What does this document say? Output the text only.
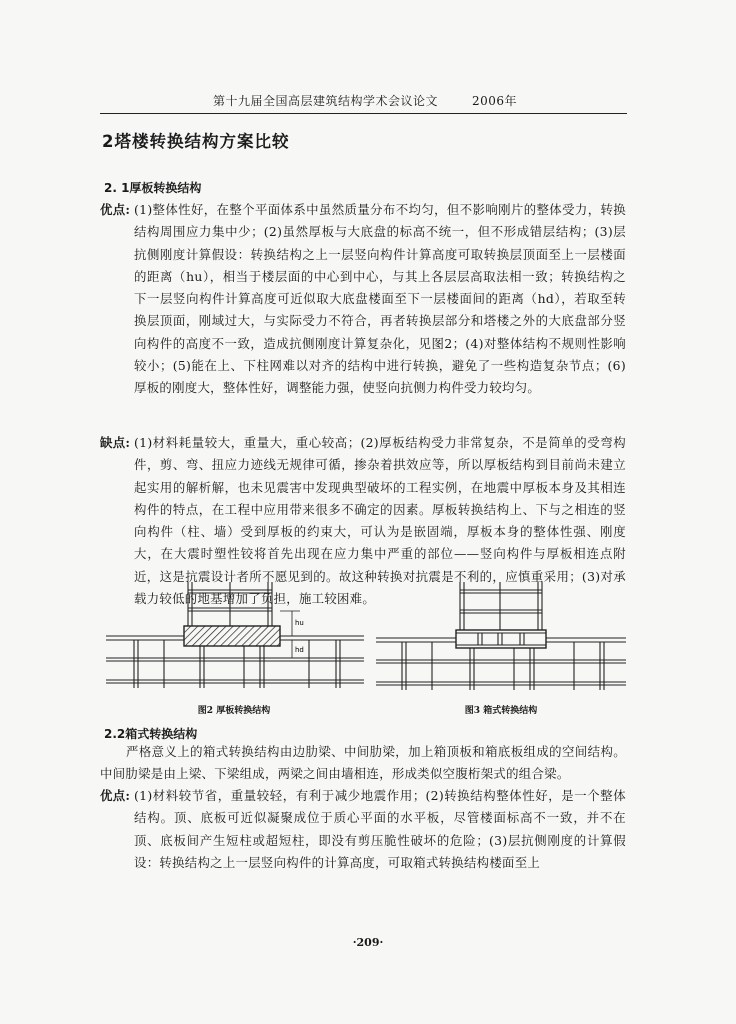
第十九届全国高层建筑结构学术会议论文	2006年
2塔楼转换结构方案比较
2. 1厚板转换结构
优点: (1)整体性好，在整个平面体系中虽然质量分布不均匀，但不影响刚片的整体受力，转换结构周围应力集中少；(2)虽然厚板与大底盘的标高不统一，但不形成错层结构；(3)层抗侧刚度计算假设：转换结构之上一层竖向构件计算高度可取转换层顶面至上一层楼面的距离（hu），相当于楼层面的中心到中心，与其上各层层高取法相一致；转换结构之下一层竖向构件计算高度可近似取大底盘楼面至下一层楼面间的距离（hd），若取至转换层顶面，刚域过大，与实际受力不符合，再者转换层部分和塔楼之外的大底盘部分竖向构件的高度不一致，造成抗侧刚度计算复杂化，见图2；(4)对整体结构不规则性影响较小；(5)能在上、下柱网难以对齐的结构中进行转换，避免了一些构造复杂节点；(6)厚板的刚度大，整体性好，调整能力强，使竖向抗侧力构件受力较均匀。
缺点: (1)材料耗量较大，重量大，重心较高；(2)厚板结构受力非常复杂，不是简单的受弯构件，剪、弯、扭应力迹线无规律可循，掺杂着拱效应等，所以厚板结构到目前尚未建立起实用的解析解，也未见震害中发现典型破坏的工程实例，在地震中厚板本身及其相连构件的特点，在工程中应用带来很多不确定的因素。厚板转换结构上、下与之相连的竖向构件（柱、墙）受到厚板的约束大，可认为是嵌固端，厚板本身的整体性强、刚度大，在大震时塑性铰将首先出现在应力集中严重的部位——竖向构件与厚板相连点附近，这是抗震设计者所不愿见到的。故这种转换对抗震是不利的，应慎重采用；(3)对承载力较低的地基增加了负担，施工较困难。
hu
hd
图2 厚板转换结构	图3 箱式转换结构
2.2箱式转换结构
严格意义上的箱式转换结构由边肋梁、中间肋梁，加上箱顶板和箱底板组成的空间结构。中间肋梁是由上梁、下梁组成，两梁之间由墙相连，形成类似空腹桁架式的组合梁。
优点: (1)材料较节省，重量较轻，有利于减少地震作用；(2)转换结构整体性好，是一个整体结构。顶、底板可近似凝聚成位于质心平面的水平板，尽管楼面标高不一致，并不在顶、底板间产生短柱或超短柱，即没有剪压脆性破坏的危险；(3)层抗侧刚度的计算假设：转换结构之上一层竖向构件的计算高度，可取箱式转换结构楼面至上
·209·
